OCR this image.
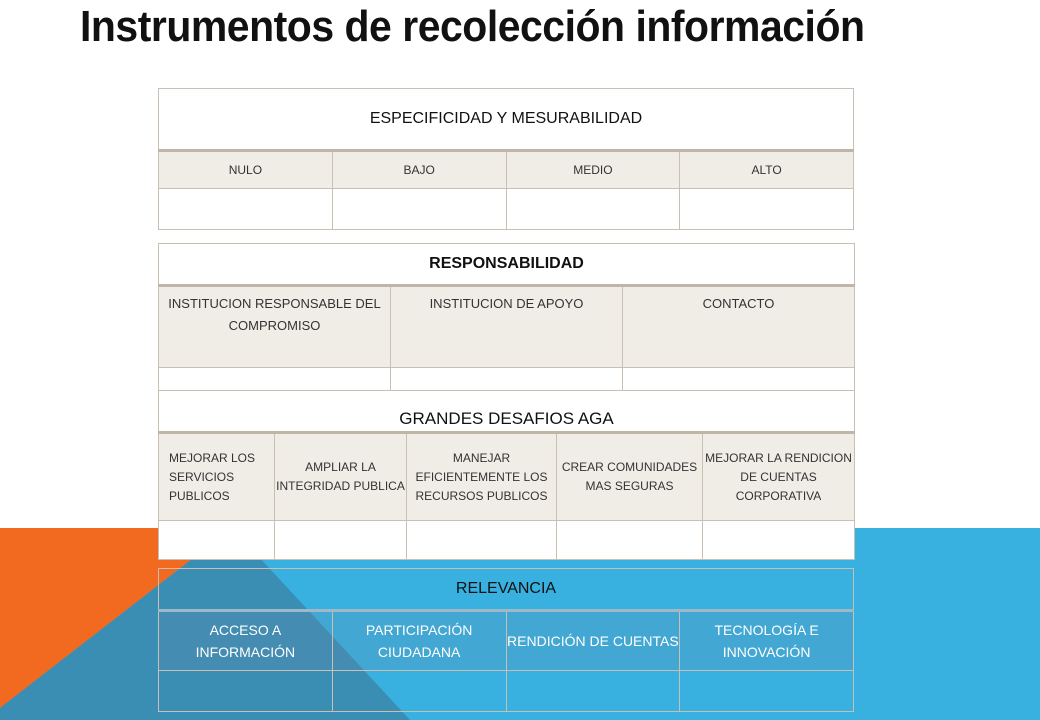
Instrumentos de recolección información
ESPECIFICIDAD Y MESURABILIDAD			
NULO	BAJO	MEDIO	ALTO

RESPONSABILIDAD		
INSTITUCION RESPONSABLE DEL COMPROMISO	INSTITUCION DE APOYO	CONTACTO

GRANDES DESAFIOS AGA				
MEJORAR LOS SERVICIOS PUBLICOS	AMPLIAR LA INTEGRIDAD PUBLICA	MANEJAR EFICIENTEMENTE LOS RECURSOS PUBLICOS	CREAR COMUNIDADES MAS SEGURAS	MEJORAR LA RENDICION DE CUENTAS CORPORATIVA

RELEVANCIA			
ACCESO A INFORMACIÓN	PARTICIPACIÓN CIUDADANA	RENDICIÓN DE CUENTAS	TECNOLOGÍA E INNOVACIÓN
